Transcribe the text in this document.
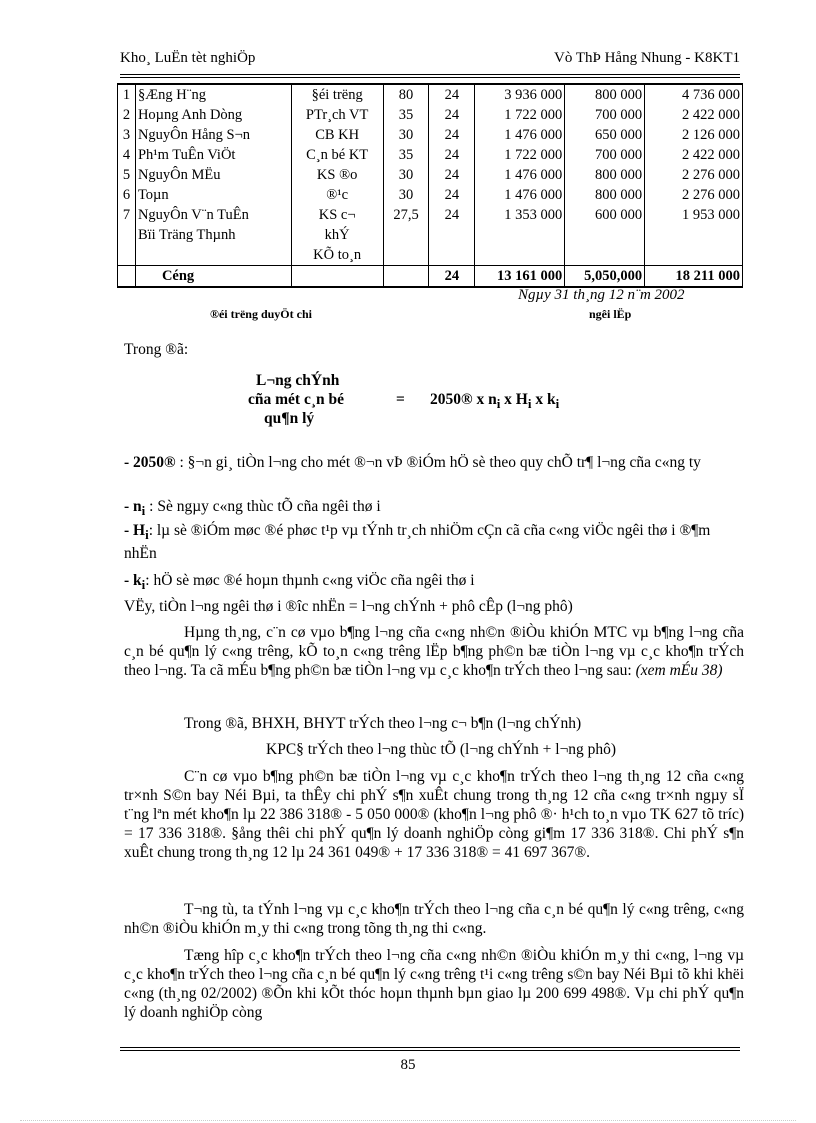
Kho¸ LuËn tèt nghiÖp	Vò ThÞ Hång Nhung - K8KT1
1	§Æng H¨ng	§éi trëng	80	24	3 936 000	800 000	4 736 000
2	Hoµng Anh Dòng	PTr¸ch VT	35	24	1 722 000	700 000	2 422 000
3	NguyÔn Hång S¬n	CB KH	30	24	1 476 000	650 000	2 126 000
4	Ph¹m TuÊn ViÖt	C¸n bé KT	35	24	1 722 000	700 000	2 422 000
5	NguyÔn MËu	KS ®o	30	24	1 476 000	800 000	2 276 000
6	Toµn	®¹c	30	24	1 476 000	800 000	2 276 000
7	NguyÔn V¨n TuÊn	KS c¬	27,5	24	1 353 000	600 000	1 953 000
	Bïi Träng Thµnh	khÝ					
		KÕ to¸n					
	Céng			24	13 161 000	5,050,000	18 211 000
Ngµy 31 th¸ng 12 n¨m 2002
®éi trëng duyÖt chi	ngêi lËp
Trong ®ã:
L¬ng chÝnh
cña mét c¸n bé
qu¶n lý
= 2050® x $n_i$ x $H_i$ x $k_i$
- 2050® : §¬n gi¸ tiÒn l¬ng cho mét ®¬n vÞ ®iÓm hÖ sè theo quy chÕ tr¶ l¬ng cña c«ng ty
- $n_i$ : Sè ngµy c«ng thùc tÕ cña ngêi thø i
- $H_i$: lµ sè ®iÓm møc ®é phøc t¹p vµ tÝnh tr¸ch nhiÖm cÇn cã cña c«ng viÖc ngêi thø i ®¶m nhËn
- $k_i$: hÖ sè møc ®é hoµn thµnh c«ng viÖc cña ngêi thø i
VËy, tiÒn l¬ng ngêi thø i ®îc nhËn = l¬ng chÝnh + phô cÊp (l¬ng phô)
Hµng th¸ng, c¨n cø vµo b¶ng l¬ng cña c«ng nh©n ®iÒu khiÓn MTC vµ b¶ng l¬ng cña c¸n bé qu¶n lý c«ng trêng, kÕ to¸n c«ng trêng lËp b¶ng ph©n bæ tiÒn l¬ng vµ c¸c kho¶n trÝch theo l¬ng. Ta cã mÉu b¶ng ph©n bæ tiÒn l¬ng vµ c¸c kho¶n trÝch theo l¬ng sau: (xem mÉu 38)
Trong ®ã, BHXH, BHYT trÝch theo l¬ng c¬ b¶n (l¬ng chÝnh)
KPC§ trÝch theo l¬ng thùc tÕ (l¬ng chÝnh + l¬ng phô)
C¨n cø vµo b¶ng ph©n bæ tiÒn l¬ng vµ c¸c kho¶n trÝch theo l¬ng th¸ng 12 cña c«ng tr×nh S©n bay Néi Bµi, ta thÊy chi phÝ s¶n xuÊt chung trong th¸ng 12 cña c«ng tr×nh ngµy sÏ t¨ng lªn mét kho¶n lµ 22 386 318® - 5 050 000® (kho¶n l¬ng phô ®· h¹ch to¸n vµo TK 627 tõ tríc) = 17 336 318®. §ång thêi chi phÝ qu¶n lý doanh nghiÖp còng gi¶m 17 336 318®. Chi phÝ s¶n xuÊt chung trong th¸ng 12 lµ 24 361 049® + 17 336 318® = 41 697 367®.
T¬ng tù, ta tÝnh l¬ng vµ c¸c kho¶n trÝch theo l¬ng cña c¸n bé qu¶n lý c«ng trêng, c«ng nh©n ®iÒu khiÓn m¸y thi c«ng trong tõng th¸ng thi c«ng.
Tæng hîp c¸c kho¶n trÝch theo l¬ng cña c«ng nh©n ®iÒu khiÓn m¸y thi c«ng, l¬ng vµ c¸c kho¶n trÝch theo l¬ng cña c¸n bé qu¶n lý c«ng trêng t¹i c«ng trêng s©n bay Néi Bµi tõ khi khëi c«ng (th¸ng 02/2002) ®Õn khi kÕt thóc hoµn thµnh bµn giao lµ 200 699 498®. Vµ chi phÝ qu¶n lý doanh nghiÖp còng
85
